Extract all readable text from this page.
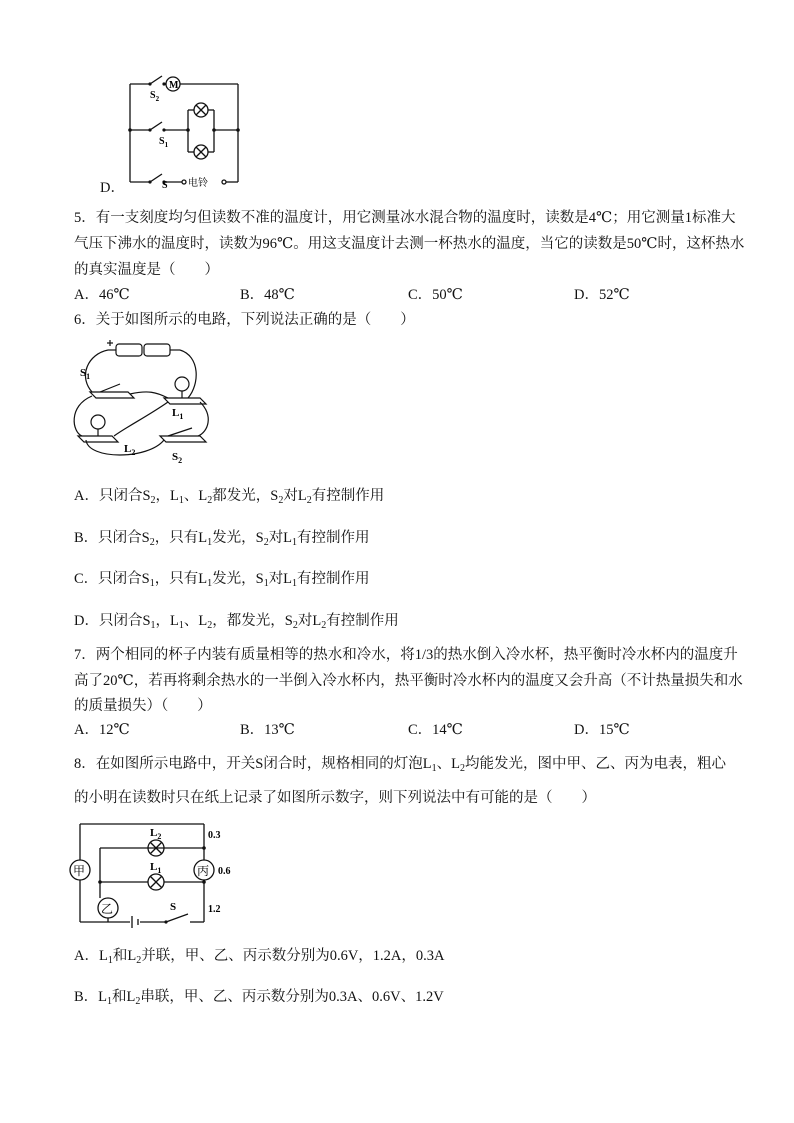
M
$S_2$
$S_1$
S 电铃
D．
5．有一支刻度均匀但读数不准的温度计，用它测量冰水混合物的温度时，读数是4℃；用它测量1标准大
气压下沸水的温度时，读数为96℃。用这支温度计去测一杯热水的温度，当它的读数是50℃时，这杯热水
的真实温度是（　　）
A．46℃	B．48℃	C．50℃	D．52℃
6．关于如图所示的电路，下列说法正确的是（　　）
$S_1$
$L_1$
$L_2$	$S_2$
A．只闭合$S_2$，$L_1$、$L_2$都发光，$S_2$对$L_2$有控制作用
B．只闭合$S_2$，只有$L_1$发光，$S_2$对$L_1$有控制作用
C．只闭合$S_1$，只有$L_1$发光，$S_1$对$L_1$有控制作用
D．只闭合$S_1$，$L_1$、$L_2$，都发光，$S_2$对$L_2$有控制作用
7．两个相同的杯子内装有质量相等的热水和冷水，将1/3的热水倒入冷水杯，热平衡时冷水杯内的温度升
高了20℃，若再将剩余热水的一半倒入冷水杯内，热平衡时冷水杯内的温度又会升高（不计热量损失和水
的质量损失）（　　）
A．12℃	B．13℃	C．14℃	D．15℃
8．在如图所示电路中，开关S闭合时，规格相同的灯泡$L_1$、$L_2$均能发光，图中甲、乙、丙为电表，粗心
的小明在读数时只在纸上记录了如图所示数字，则下列说法中有可能的是（　　）
甲	丙
乙
$L_2$
$L_1$
S
0.3
0.6
1.2
A．$L_1$和$L_2$并联，甲、乙、丙示数分别为0.6V，1.2A，0.3A
B．$L_1$和$L_2$串联，甲、乙、丙示数分别为0.3A、0.6V、1.2V
